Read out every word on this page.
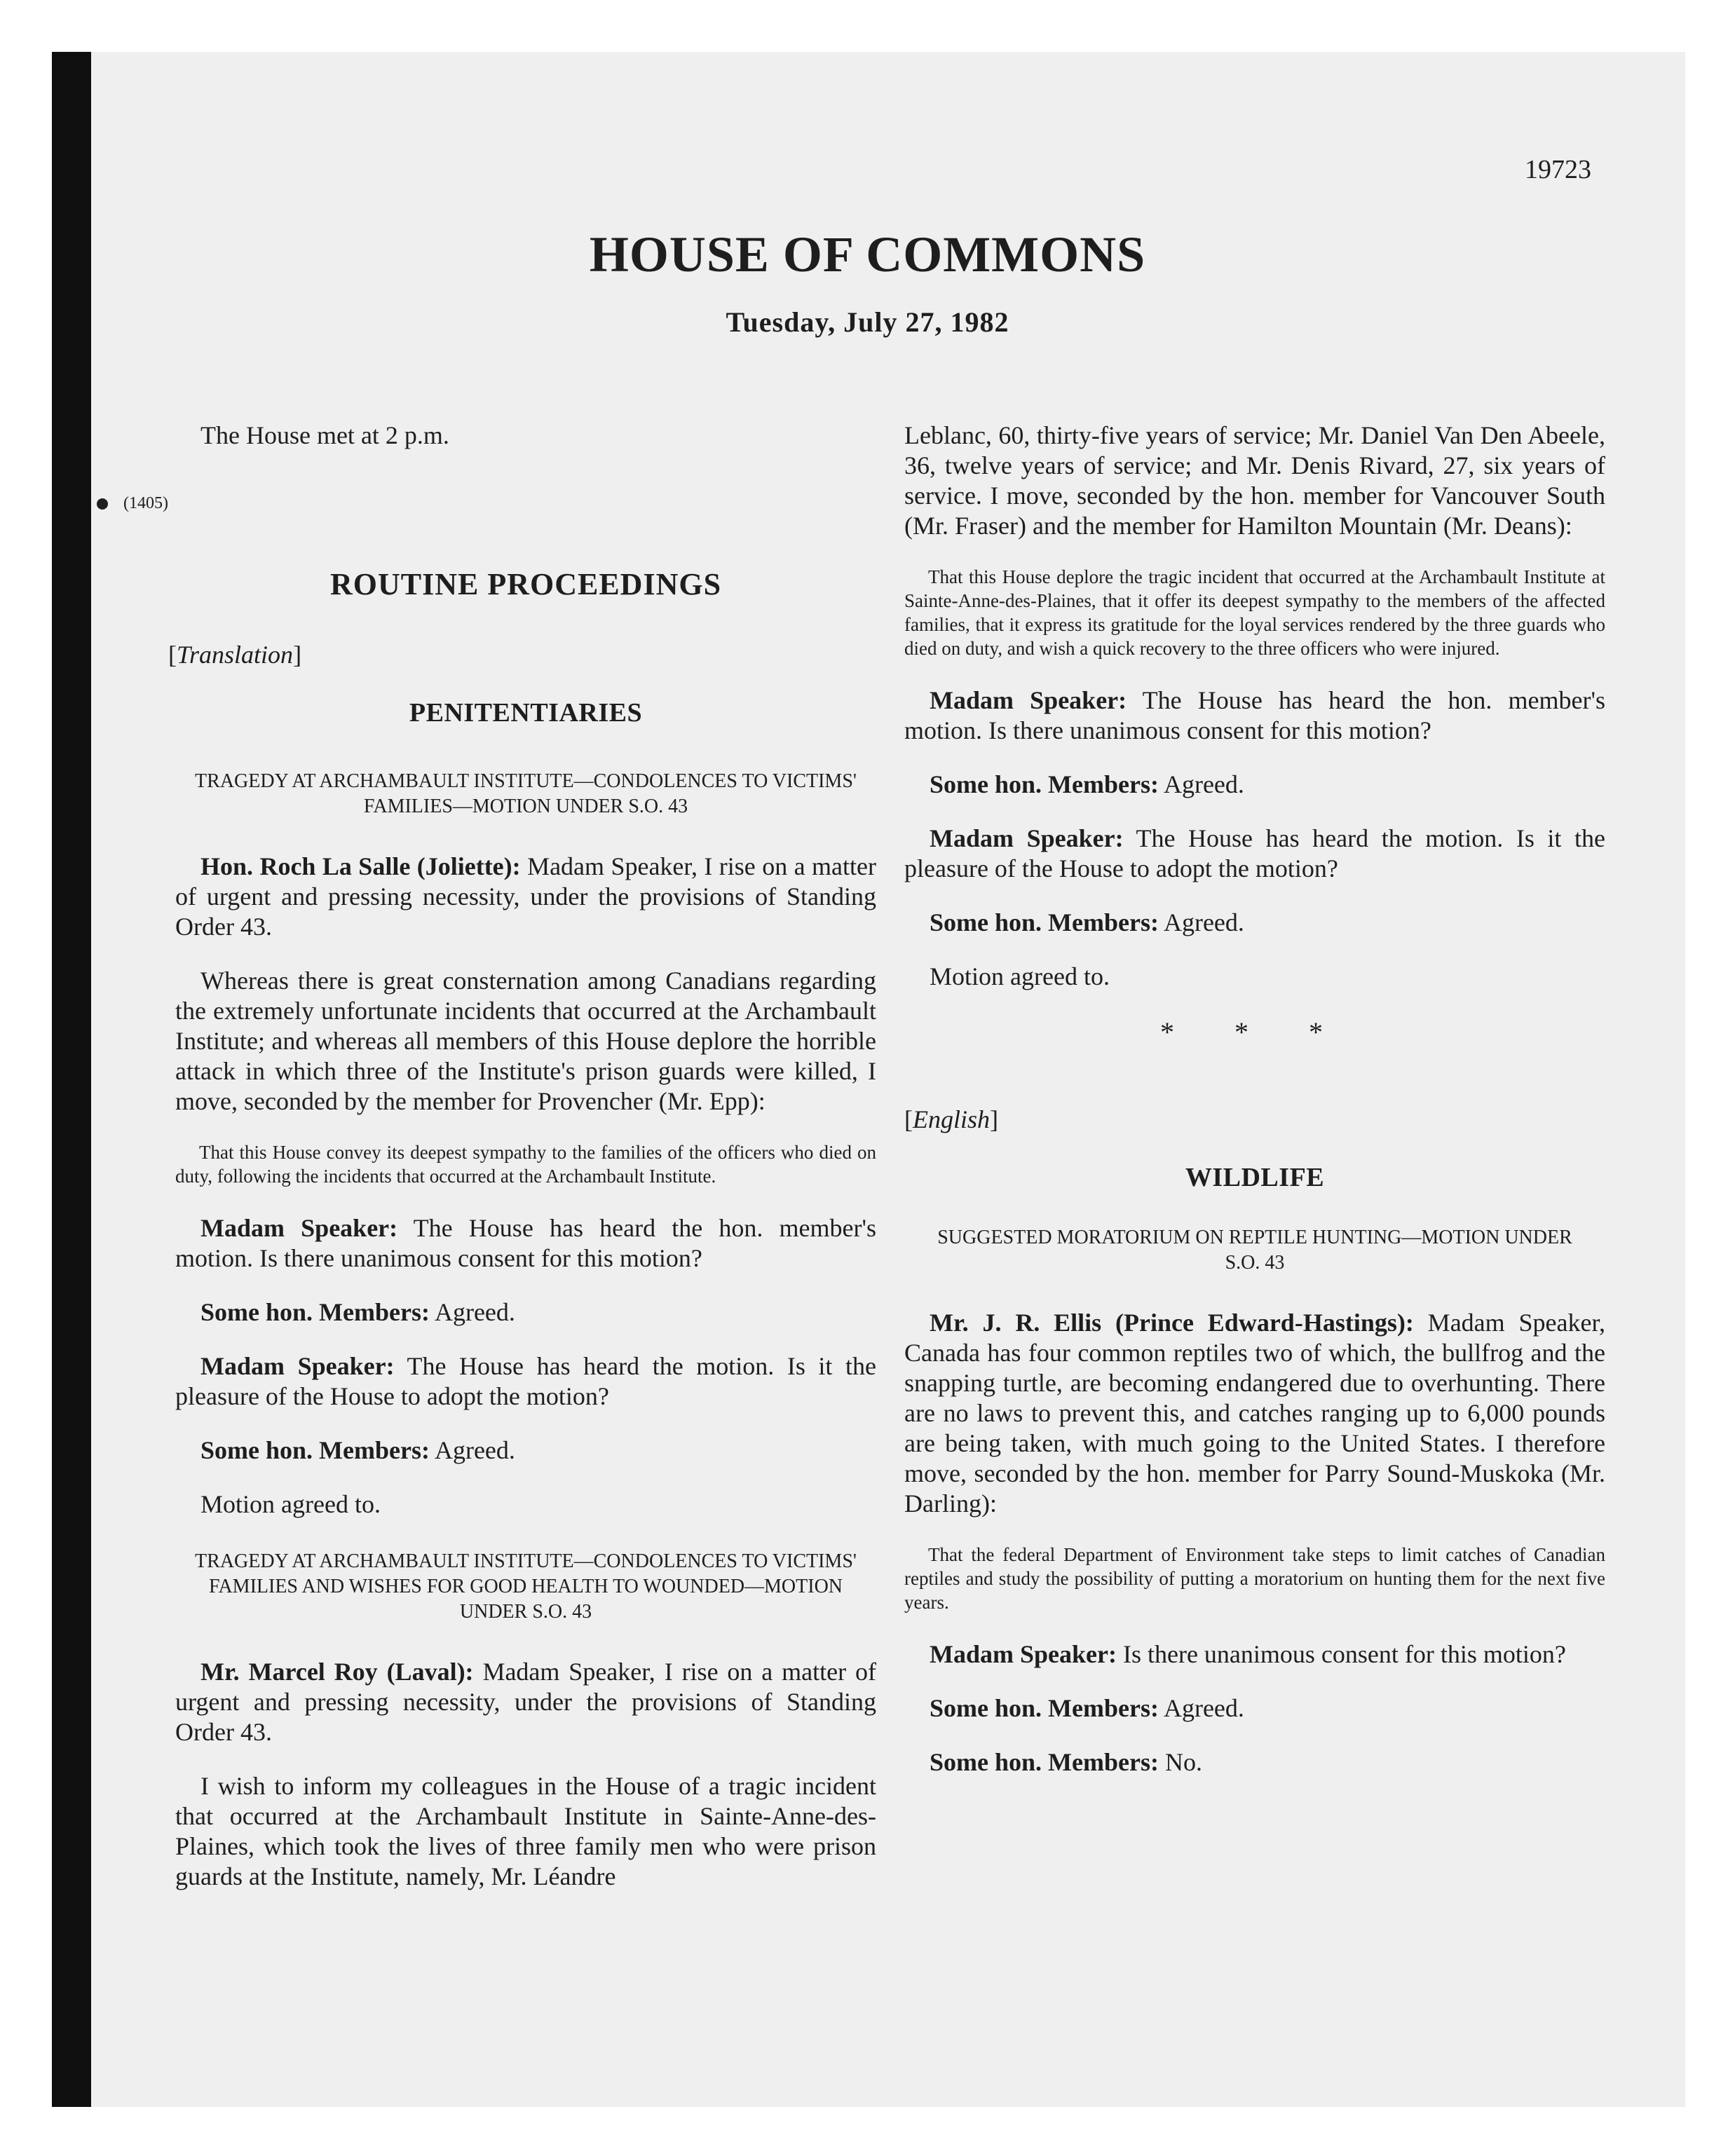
19723
HOUSE OF COMMONS
Tuesday, July 27, 1982

The House met at 2 p.m.

(1405)
ROUTINE PROCEEDINGS
[Translation]
PENITENTIARIES
TRAGEDY AT ARCHAMBAULT INSTITUTE—CONDOLENCES TO VICTIMS' FAMILIES—MOTION UNDER S.O. 43

Hon. Roch La Salle (Joliette): Madam Speaker, I rise on a matter of urgent and pressing necessity, under the provisions of Standing Order 43.

Whereas there is great consternation among Canadians regarding the extremely unfortunate incidents that occurred at the Archambault Institute; and whereas all members of this House deplore the horrible attack in which three of the Institute's prison guards were killed, I move, seconded by the member for Provencher (Mr. Epp):

That this House convey its deepest sympathy to the families of the officers who died on duty, following the incidents that occurred at the Archambault Institute.

Madam Speaker: The House has heard the hon. member's motion. Is there unanimous consent for this motion?

Some hon. Members: Agreed.

Madam Speaker: The House has heard the motion. Is it the pleasure of the House to adopt the motion?

Some hon. Members: Agreed.

Motion agreed to.

TRAGEDY AT ARCHAMBAULT INSTITUTE—CONDOLENCES TO VICTIMS' FAMILIES AND WISHES FOR GOOD HEALTH TO WOUNDED—MOTION UNDER S.O. 43

Mr. Marcel Roy (Laval): Madam Speaker, I rise on a matter of urgent and pressing necessity, under the provisions of Standing Order 43.

I wish to inform my colleagues in the House of a tragic incident that occurred at the Archambault Institute in Sainte-Anne-des-Plaines, which took the lives of three family men who were prison guards at the Institute, namely, Mr. Léandre

Leblanc, 60, thirty-five years of service; Mr. Daniel Van Den Abeele, 36, twelve years of service; and Mr. Denis Rivard, 27, six years of service. I move, seconded by the hon. member for Vancouver South (Mr. Fraser) and the member for Hamilton Mountain (Mr. Deans):

That this House deplore the tragic incident that occurred at the Archambault Institute at Sainte-Anne-des-Plaines, that it offer its deepest sympathy to the members of the affected families, that it express its gratitude for the loyal services rendered by the three guards who died on duty, and wish a quick recovery to the three officers who were injured.

Madam Speaker: The House has heard the hon. member's motion. Is there unanimous consent for this motion?

Some hon. Members: Agreed.

Madam Speaker: The House has heard the motion. Is it the pleasure of the House to adopt the motion?

Some hon. Members: Agreed.

Motion agreed to.

* * *
[English]
WILDLIFE
SUGGESTED MORATORIUM ON REPTILE HUNTING—MOTION UNDER S.O. 43

Mr. J. R. Ellis (Prince Edward-Hastings): Madam Speaker, Canada has four common reptiles two of which, the bullfrog and the snapping turtle, are becoming endangered due to overhunting. There are no laws to prevent this, and catches ranging up to 6,000 pounds are being taken, with much going to the United States. I therefore move, seconded by the hon. member for Parry Sound-Muskoka (Mr. Darling):

That the federal Department of Environment take steps to limit catches of Canadian reptiles and study the possibility of putting a moratorium on hunting them for the next five years.

Madam Speaker: Is there unanimous consent for this motion?

Some hon. Members: Agreed.

Some hon. Members: No.
